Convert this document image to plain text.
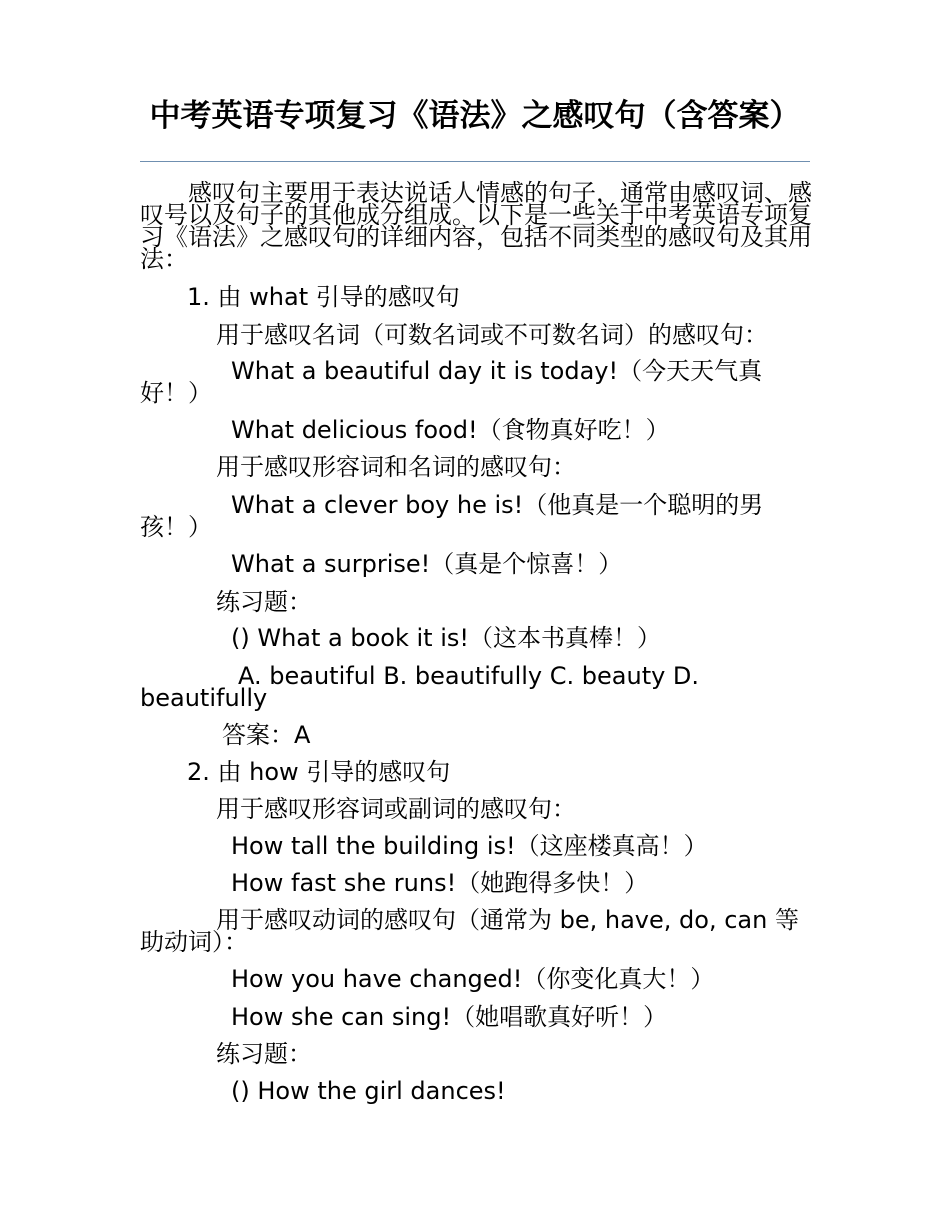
中考英语专项复习《语法》之感叹句（含答案）
感叹句主要用于表达说话人情感的句子，通常由感叹词、感叹号以及句子的其他成分组成。以下是一些关于中考英语专项复习《语法》之感叹句的详细内容，包括不同类型的感叹句及其用法：
1. 由 what 引导的感叹句
用于感叹名词（可数名词或不可数名词）的感叹句：
What a beautiful day it is today!（今天天气真好！）
What delicious food!（食物真好吃！）
用于感叹形容词和名词的感叹句：
What a clever boy he is!（他真是一个聪明的男孩！）
What a surprise!（真是个惊喜！）
练习题：
() What a book it is!（这本书真棒！）
A. beautiful B. beautifully C. beauty D. beautifully
答案：A
2. 由 how 引导的感叹句
用于感叹形容词或副词的感叹句：
How tall the building is!（这座楼真高！）
How fast she runs!（她跑得多快！）
用于感叹动词的感叹句（通常为 be, have, do, can 等助动词）：
How you have changed!（你变化真大！）
How she can sing!（她唱歌真好听！）
练习题：
() How the girl dances!
